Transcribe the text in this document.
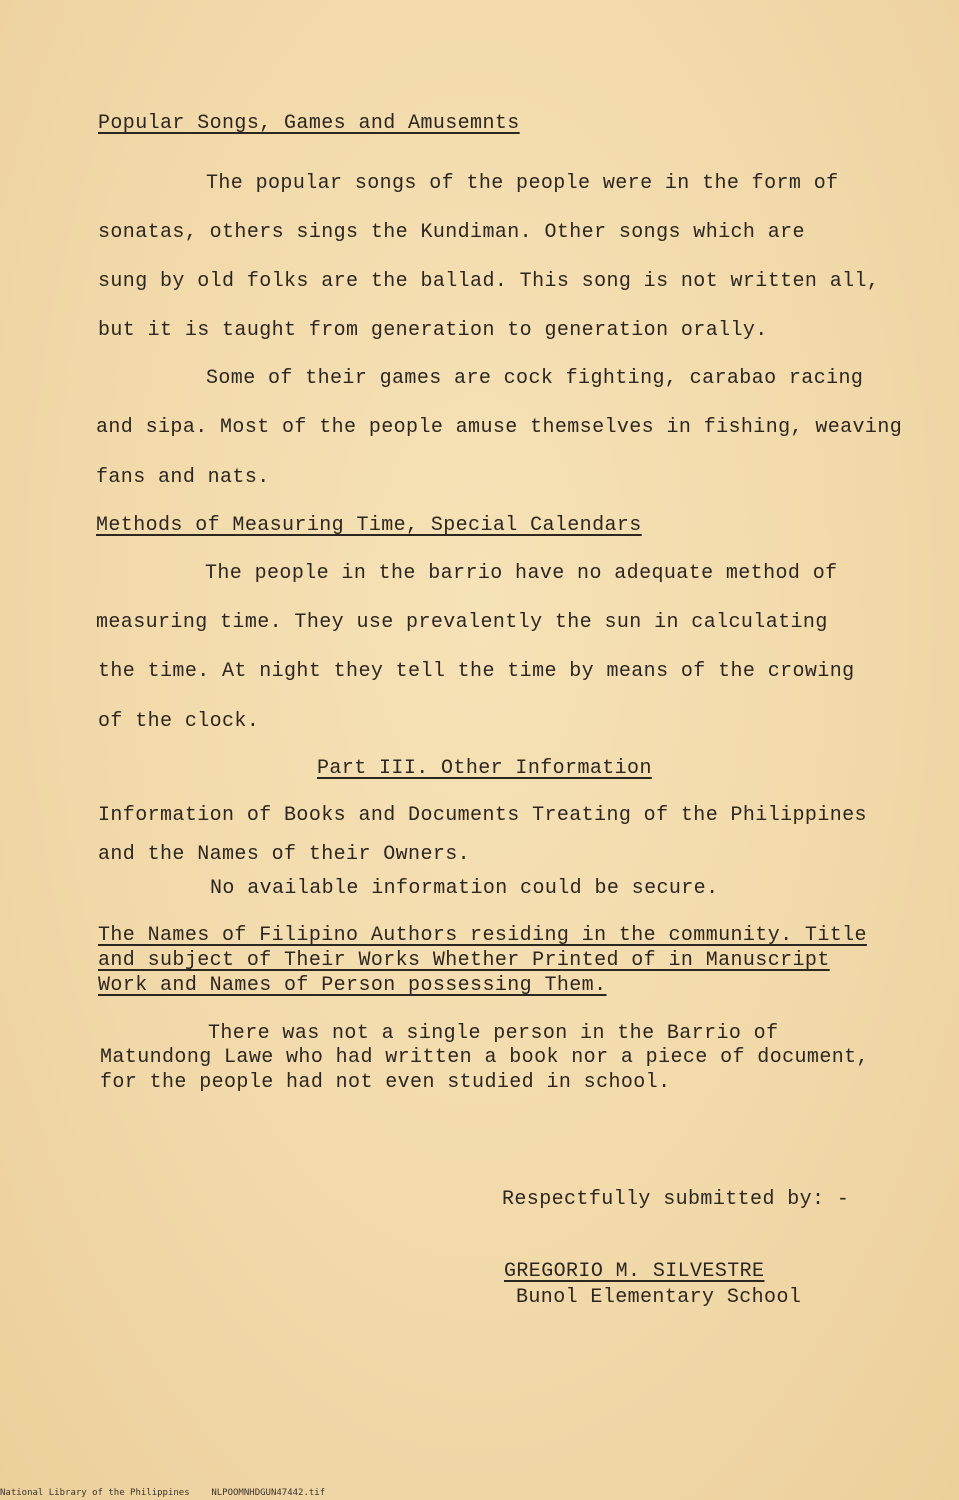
Popular Songs, Games and Amusemnts
The popular songs of the people were in the form of
sonatas, others sings the Kundiman. Other songs which are
sung by old folks are the ballad. This song is not written all,
but it is taught from generation to generation orally.
Some of their games are cock fighting, carabao racing
and sipa. Most of the people amuse themselves in fishing, weaving
fans and nats.
Methods of Measuring Time, Special Calendars
The people in the barrio have no adequate method of
measuring time. They use prevalently the sun in calculating
the time. At night they tell the time by means of the crowing
of the clock.
Part III. Other Information
Information of Books and Documents Treating of the Philippines
and the Names of their Owners.
No available information could be secure.
The Names of Filipino Authors residing in the community. Title
and subject of Their Works Whether Printed of in Manuscript
Work and Names of Person possessing Them.
There was not a single person in the Barrio of
Matundong Lawe who had written a book nor a piece of document,
for the people had not even studied in school.
Respectfully submitted by: -
GREGORIO M. SILVESTRE
Bunol Elementary School
National Library of the Philippines NLPOOMNHDGUN47442.tif
